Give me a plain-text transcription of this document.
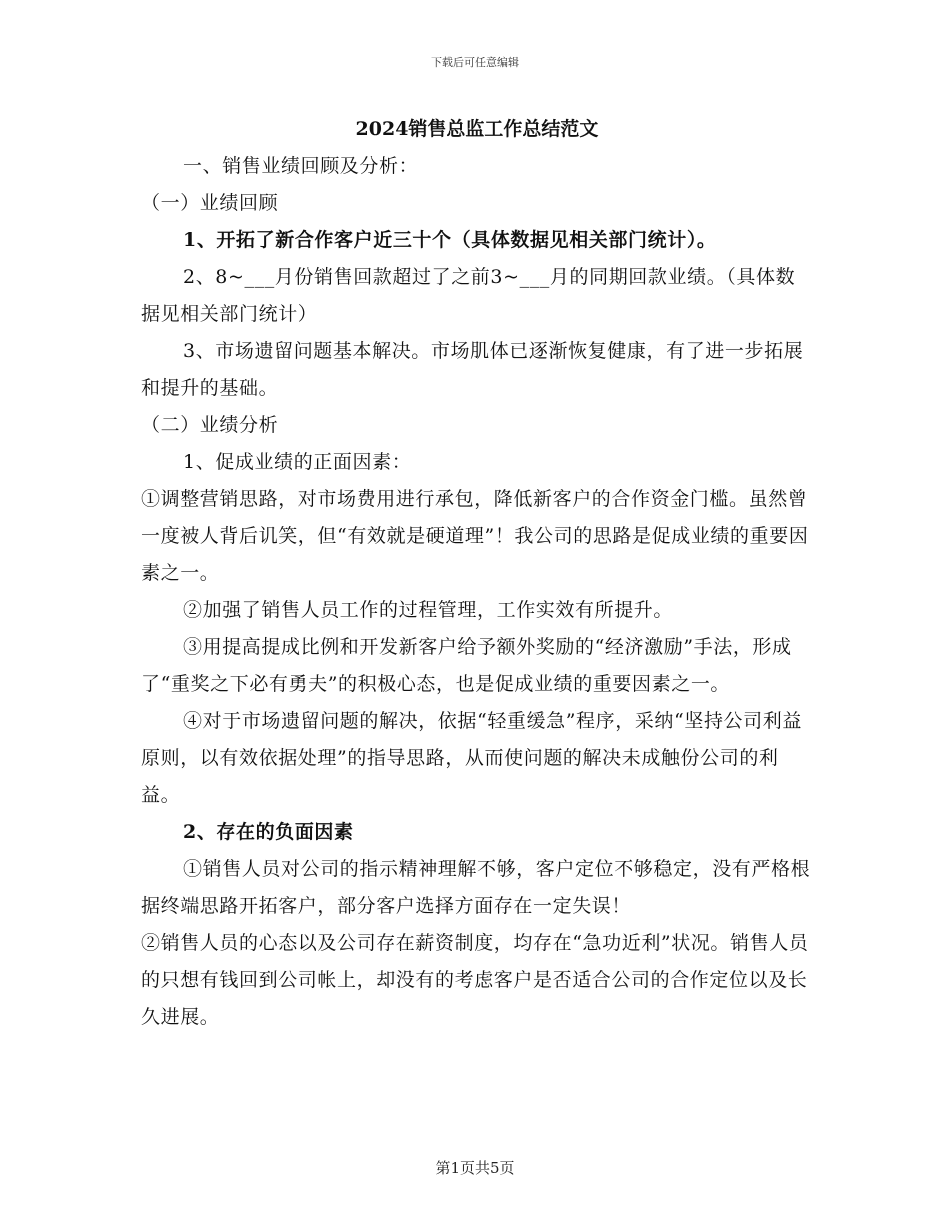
下载后可任意编辑
2024销售总监工作总结范文

一、销售业绩回顾及分析：

（一）业绩回顾

1、开拓了新合作客户近三十个（具体数据见相关部门统计）。

2、8~___月份销售回款超过了之前3~___月的同期回款业绩。（具体数据见相关部门统计）

3、市场遗留问题基本解决。市场肌体已逐渐恢复健康，有了进一步拓展和提升的基础。

（二）业绩分析

1、促成业绩的正面因素：

①调整营销思路，对市场费用进行承包，降低新客户的合作资金门槛。虽然曾一度被人背后讥笑，但“有效就是硬道理”！我公司的思路是促成业绩的重要因素之一。

②加强了销售人员工作的过程管理，工作实效有所提升。

③用提高提成比例和开发新客户给予额外奖励的“经济激励”手法，形成了“重奖之下必有勇夫”的积极心态，也是促成业绩的重要因素之一。

④对于市场遗留问题的解决，依据“轻重缓急”程序，采纳“坚持公司利益原则，以有效依据处理”的指导思路，从而使问题的解决未成触份公司的利益。

2、存在的负面因素

①销售人员对公司的指示精神理解不够，客户定位不够稳定，没有严格根据终端思路开拓客户，部分客户选择方面存在一定失误！

②销售人员的心态以及公司存在薪资制度，均存在“急功近利”状况。销售人员的只想有钱回到公司帐上，却没有的考虑客户是否适合公司的合作定位以及长久进展。

第1页共5页
